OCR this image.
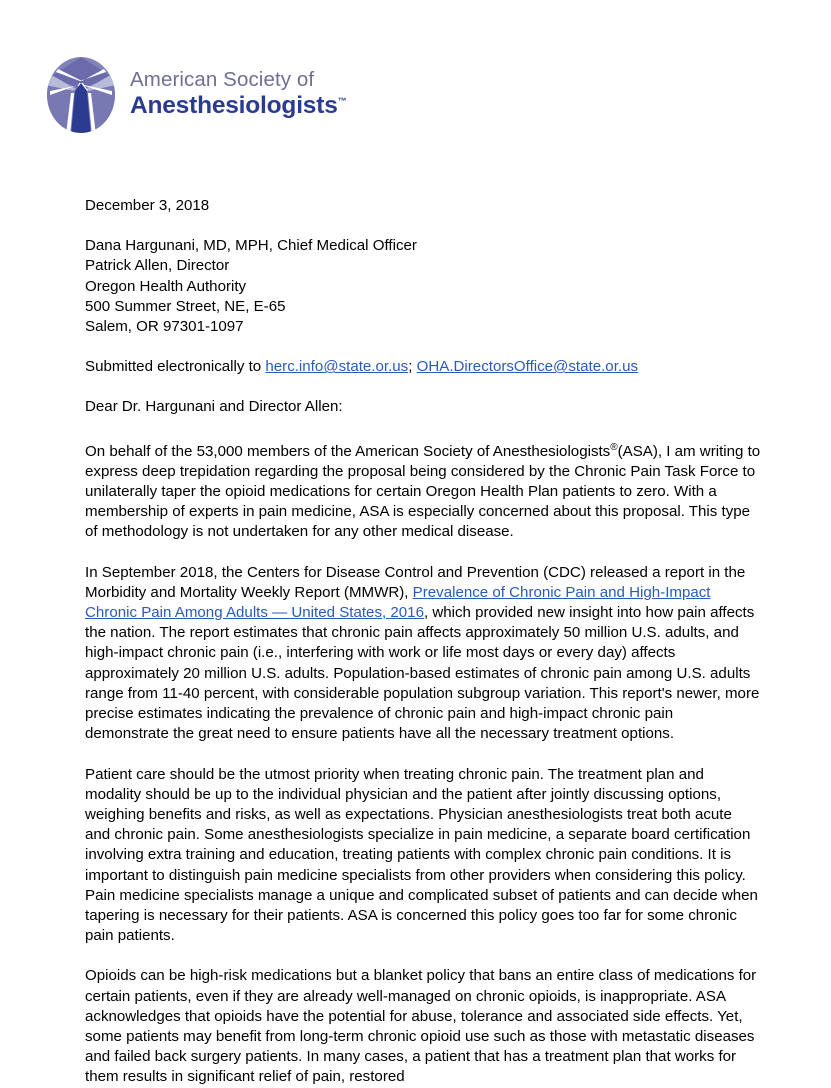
American Society of
Anesthesiologists™

December 3, 2018

Dana Hargunani, MD, MPH, Chief Medical Officer
Patrick Allen, Director
Oregon Health Authority
500 Summer Street, NE, E-65
Salem, OR 97301-1097

Submitted electronically to herc.info@state.or.us; OHA.DirectorsOffice@state.or.us

Dear Dr. Hargunani and Director Allen:

On behalf of the 53,000 members of the American Society of Anesthesiologists®(ASA), I am writing to express deep trepidation regarding the proposal being considered by the Chronic Pain Task Force to unilaterally taper the opioid medications for certain Oregon Health Plan patients to zero. With a membership of experts in pain medicine, ASA is especially concerned about this proposal. This type of methodology is not undertaken for any other medical disease.

In September 2018, the Centers for Disease Control and Prevention (CDC) released a report in the Morbidity and Mortality Weekly Report (MMWR), Prevalence of Chronic Pain and High-Impact Chronic Pain Among Adults — United States, 2016, which provided new insight into how pain affects the nation. The report estimates that chronic pain affects approximately 50 million U.S. adults, and high-impact chronic pain (i.e., interfering with work or life most days or every day) affects approximately 20 million U.S. adults. Population-based estimates of chronic pain among U.S. adults range from 11-40 percent, with considerable population subgroup variation. This report's newer, more precise estimates indicating the prevalence of chronic pain and high-impact chronic pain demonstrate the great need to ensure patients have all the necessary treatment options.

Patient care should be the utmost priority when treating chronic pain. The treatment plan and modality should be up to the individual physician and the patient after jointly discussing options, weighing benefits and risks, as well as expectations. Physician anesthesiologists treat both acute and chronic pain. Some anesthesiologists specialize in pain medicine, a separate board certification involving extra training and education, treating patients with complex chronic pain conditions. It is important to distinguish pain medicine specialists from other providers when considering this policy. Pain medicine specialists manage a unique and complicated subset of patients and can decide when tapering is necessary for their patients. ASA is concerned this policy goes too far for some chronic pain patients.

Opioids can be high-risk medications but a blanket policy that bans an entire class of medications for certain patients, even if they are already well-managed on chronic opioids, is inappropriate. ASA acknowledges that opioids have the potential for abuse, tolerance and associated side effects. Yet, some patients may benefit from long-term chronic opioid use such as those with metastatic diseases and failed back surgery patients. In many cases, a patient that has a treatment plan that works for them results in significant relief of pain, restored
